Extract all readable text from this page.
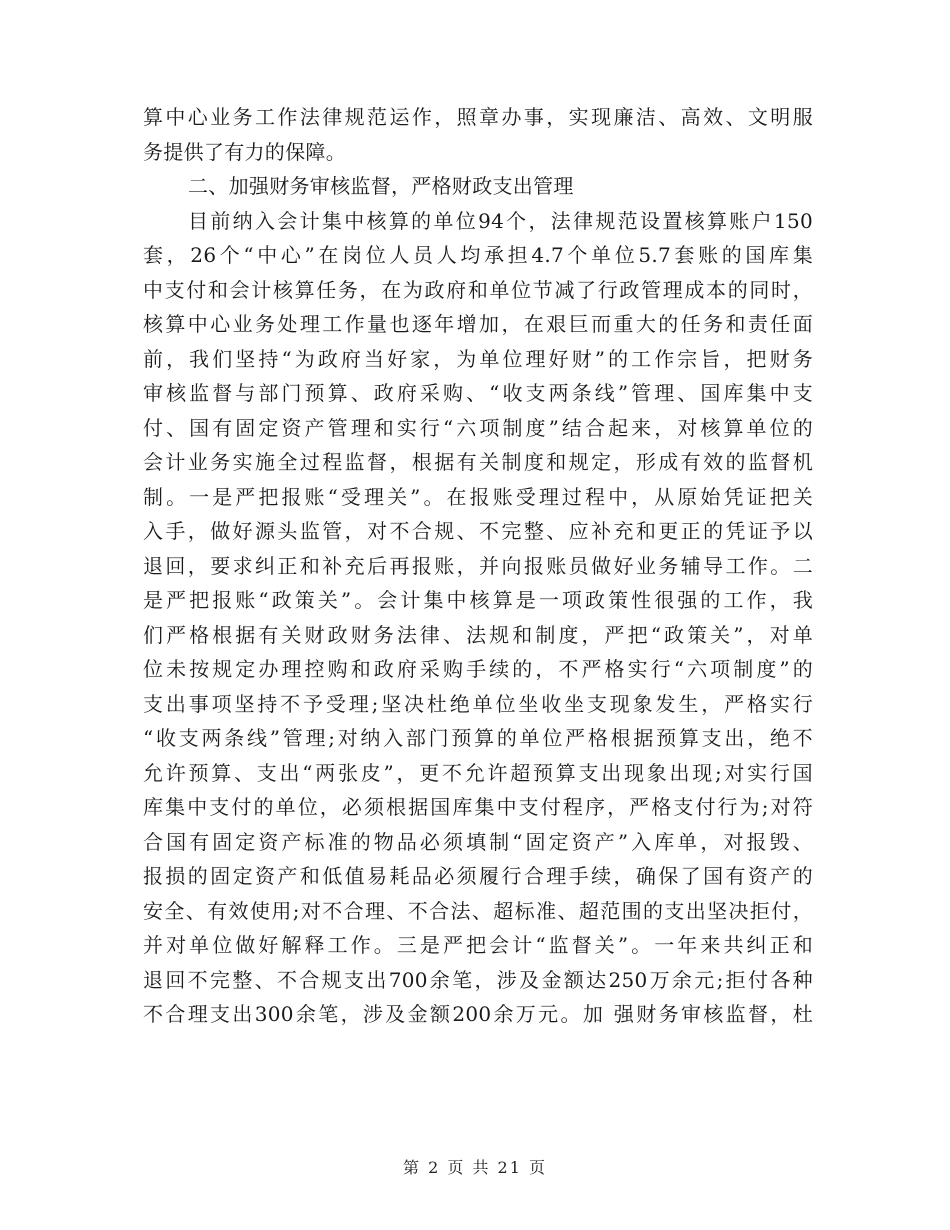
算中心业务工作法律规范运作，照章办事，实现廉洁、高效、文明服
务提供了有力的保障。
二、加强财务审核监督，严格财政支出管理
目前纳入会计集中核算的单位94个，法律规范设置核算账户150
套，26个“中心”在岗位人员人均承担4.7个单位5.7套账的国库集
中支付和会计核算任务，在为政府和单位节减了行政管理成本的同时，
核算中心业务处理工作量也逐年增加，在艰巨而重大的任务和责任面
前，我们坚持“为政府当好家，为单位理好财”的工作宗旨，把财务
审核监督与部门预算、政府采购、“收支两条线”管理、国库集中支
付、国有固定资产管理和实行“六项制度”结合起来，对核算单位的
会计业务实施全过程监督，根据有关制度和规定，形成有效的监督机
制。一是严把报账“受理关”。在报账受理过程中，从原始凭证把关
入手，做好源头监管，对不合规、不完整、应补充和更正的凭证予以
退回，要求纠正和补充后再报账，并向报账员做好业务辅导工作。二
是严把报账“政策关”。会计集中核算是一项政策性很强的工作，我
们严格根据有关财政财务法律、法规和制度，严把“政策关”，对单
位未按规定办理控购和政府采购手续的，不严格实行“六项制度”的
支出事项坚持不予受理;坚决杜绝单位坐收坐支现象发生，严格实行
“收支两条线”管理;对纳入部门预算的单位严格根据预算支出，绝不
允许预算、支出“两张皮”，更不允许超预算支出现象出现;对实行国
库集中支付的单位，必须根据国库集中支付程序，严格支付行为;对符
合国有固定资产标准的物品必须填制“固定资产”入库单，对报毁、
报损的固定资产和低值易耗品必须履行合理手续，确保了国有资产的
安全、有效使用;对不合理、不合法、超标准、超范围的支出坚决拒付，
并对单位做好解释工作。三是严把会计“监督关”。一年来共纠正和
退回不完整、不合规支出700余笔，涉及金额达250万余元;拒付各种
不合理支出300余笔，涉及金额200余万元。加 强财务审核监督，杜
第 2 页 共 21 页
